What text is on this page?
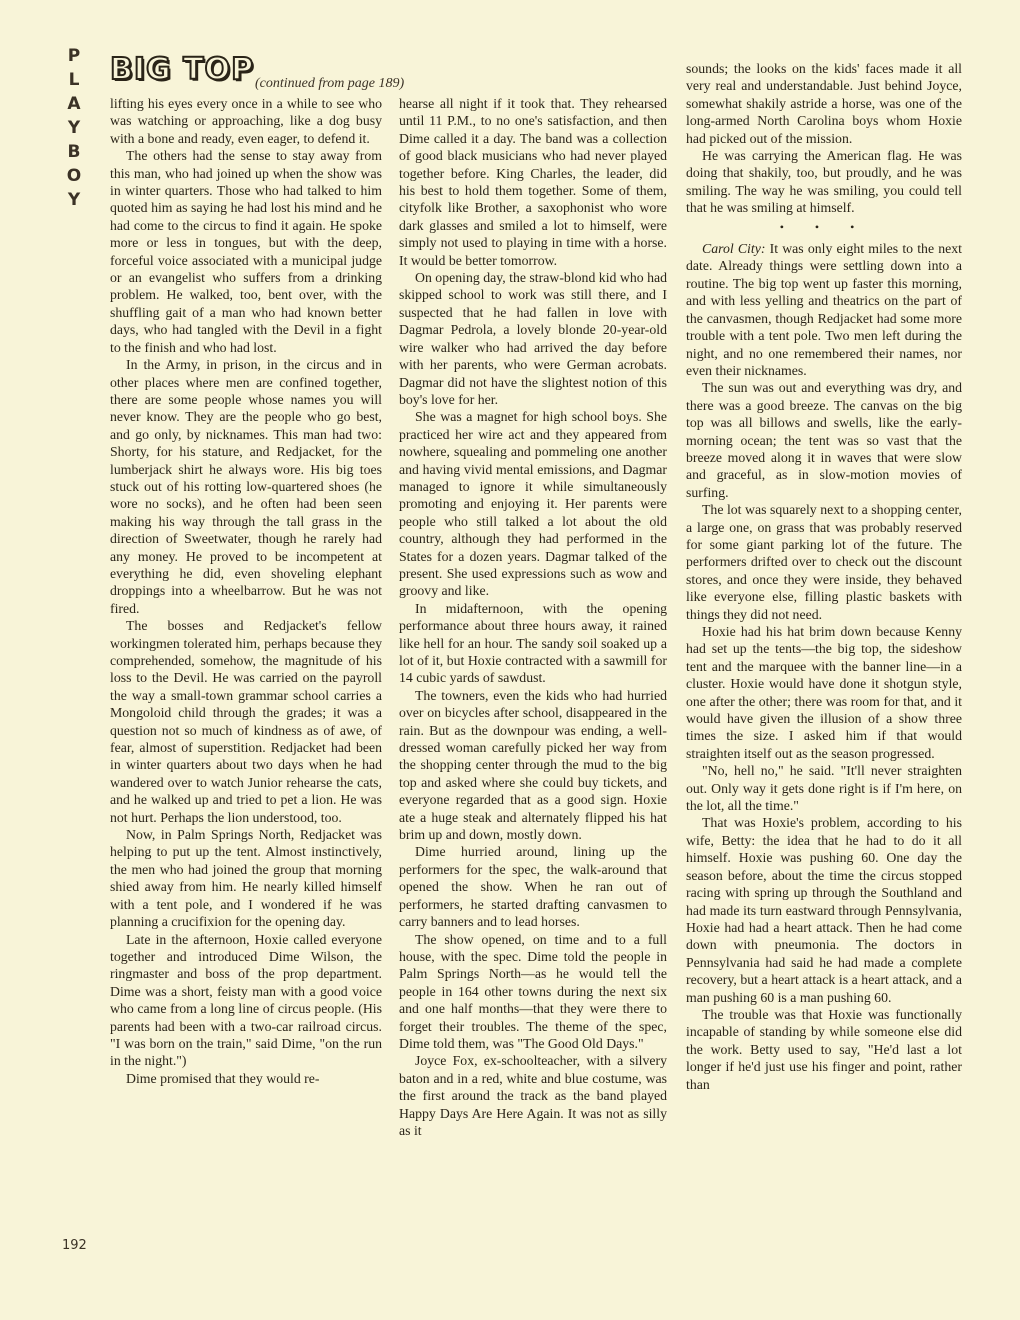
P
L
A
Y
B
O
Y
BIG TOP (continued from page 189)

lifting his eyes every once in a while to see who was watching or approaching, like a dog busy with a bone and ready, even eager, to defend it.

The others had the sense to stay away from this man, who had joined up when the show was in winter quarters. Those who had talked to him quoted him as saying he had lost his mind and he had come to the circus to find it again. He spoke more or less in tongues, but with the deep, forceful voice associated with a municipal judge or an evangelist who suffers from a drinking problem. He walked, too, bent over, with the shuffling gait of a man who had known better days, who had tangled with the Devil in a fight to the finish and who had lost.

In the Army, in prison, in the circus and in other places where men are confined together, there are some people whose names you will never know. They are the people who go best, and go only, by nicknames. This man had two: Shorty, for his stature, and Redjacket, for the lumberjack shirt he always wore. His big toes stuck out of his rotting low-quartered shoes (he wore no socks), and he often had been seen making his way through the tall grass in the direction of Sweetwater, though he rarely had any money. He proved to be incompetent at everything he did, even shoveling elephant droppings into a wheelbarrow. But he was not fired.

The bosses and Redjacket's fellow workingmen tolerated him, perhaps because they comprehended, somehow, the magnitude of his loss to the Devil. He was carried on the payroll the way a small-town grammar school carries a Mongoloid child through the grades; it was a question not so much of kindness as of awe, of fear, almost of superstition. Redjacket had been in winter quarters about two days when he had wandered over to watch Junior rehearse the cats, and he walked up and tried to pet a lion. He was not hurt. Perhaps the lion understood, too.

Now, in Palm Springs North, Redjacket was helping to put up the tent. Almost instinctively, the men who had joined the group that morning shied away from him. He nearly killed himself with a tent pole, and I wondered if he was planning a crucifixion for the opening day.

Late in the afternoon, Hoxie called everyone together and introduced Dime Wilson, the ringmaster and boss of the prop department. Dime was a short, feisty man with a good voice who came from a long line of circus people. (His parents had been with a two-car railroad circus. "I was born on the train," said Dime, "on the run in the night.")

Dime promised that they would re-

hearse all night if it took that. They rehearsed until 11 P.M., to no one's satisfaction, and then Dime called it a day. The band was a collection of good black musicians who had never played together before. King Charles, the leader, did his best to hold them together. Some of them, cityfolk like Brother, a saxophonist who wore dark glasses and smiled a lot to himself, were simply not used to playing in time with a horse. It would be better tomorrow.

On opening day, the straw-blond kid who had skipped school to work was still there, and I suspected that he had fallen in love with Dagmar Pedrola, a lovely blonde 20-year-old wire walker who had arrived the day before with her parents, who were German acrobats. Dagmar did not have the slightest notion of this boy's love for her.

She was a magnet for high school boys. She practiced her wire act and they appeared from nowhere, squealing and pommeling one another and having vivid mental emissions, and Dagmar managed to ignore it while simultaneously promoting and enjoying it. Her parents were people who still talked a lot about the old country, although they had performed in the States for a dozen years. Dagmar talked of the present. She used expressions such as wow and groovy and like.

In midafternoon, with the opening performance about three hours away, it rained like hell for an hour. The sandy soil soaked up a lot of it, but Hoxie contracted with a sawmill for 14 cubic yards of sawdust.

The towners, even the kids who had hurried over on bicycles after school, disappeared in the rain. But as the downpour was ending, a well-dressed woman carefully picked her way from the shopping center through the mud to the big top and asked where she could buy tickets, and everyone regarded that as a good sign. Hoxie ate a huge steak and alternately flipped his hat brim up and down, mostly down.

Dime hurried around, lining up the performers for the spec, the walk-around that opened the show. When he ran out of performers, he started drafting canvasmen to carry banners and to lead horses.

The show opened, on time and to a full house, with the spec. Dime told the people in Palm Springs North—as he would tell the people in 164 other towns during the next six and one half months—that they were there to forget their troubles. The theme of the spec, Dime told them, was "The Good Old Days."

Joyce Fox, ex-schoolteacher, with a silvery baton and in a red, white and blue costume, was the first around the track as the band played Happy Days Are Here Again. It was not as silly as it

sounds; the looks on the kids' faces made it all very real and understandable. Just behind Joyce, somewhat shakily astride a horse, was one of the long-armed North Carolina boys whom Hoxie had picked out of the mission.

He was carrying the American flag. He was doing that shakily, too, but proudly, and he was smiling. The way he was smiling, you could tell that he was smiling at himself.

• • •

Carol City: It was only eight miles to the next date. Already things were settling down into a routine. The big top went up faster this morning, and with less yelling and theatrics on the part of the canvasmen, though Redjacket had some more trouble with a tent pole. Two men left during the night, and no one remembered their names, nor even their nicknames.

The sun was out and everything was dry, and there was a good breeze. The canvas on the big top was all billows and swells, like the early-morning ocean; the tent was so vast that the breeze moved along it in waves that were slow and graceful, as in slow-motion movies of surfing.

The lot was squarely next to a shopping center, a large one, on grass that was probably reserved for some giant parking lot of the future. The performers drifted over to check out the discount stores, and once they were inside, they behaved like everyone else, filling plastic baskets with things they did not need.

Hoxie had his hat brim down because Kenny had set up the tents—the big top, the sideshow tent and the marquee with the banner line—in a cluster. Hoxie would have done it shotgun style, one after the other; there was room for that, and it would have given the illusion of a show three times the size. I asked him if that would straighten itself out as the season progressed.

"No, hell no," he said. "It'll never straighten out. Only way it gets done right is if I'm here, on the lot, all the time."

That was Hoxie's problem, according to his wife, Betty: the idea that he had to do it all himself. Hoxie was pushing 60. One day the season before, about the time the circus stopped racing with spring up through the Southland and had made its turn eastward through Pennsylvania, Hoxie had had a heart attack. Then he had come down with pneumonia. The doctors in Pennsylvania had said he had made a complete recovery, but a heart attack is a heart attack, and a man pushing 60 is a man pushing 60.

The trouble was that Hoxie was functionally incapable of standing by while someone else did the work. Betty used to say, "He'd last a lot longer if he'd just use his finger and point, rather than

192
